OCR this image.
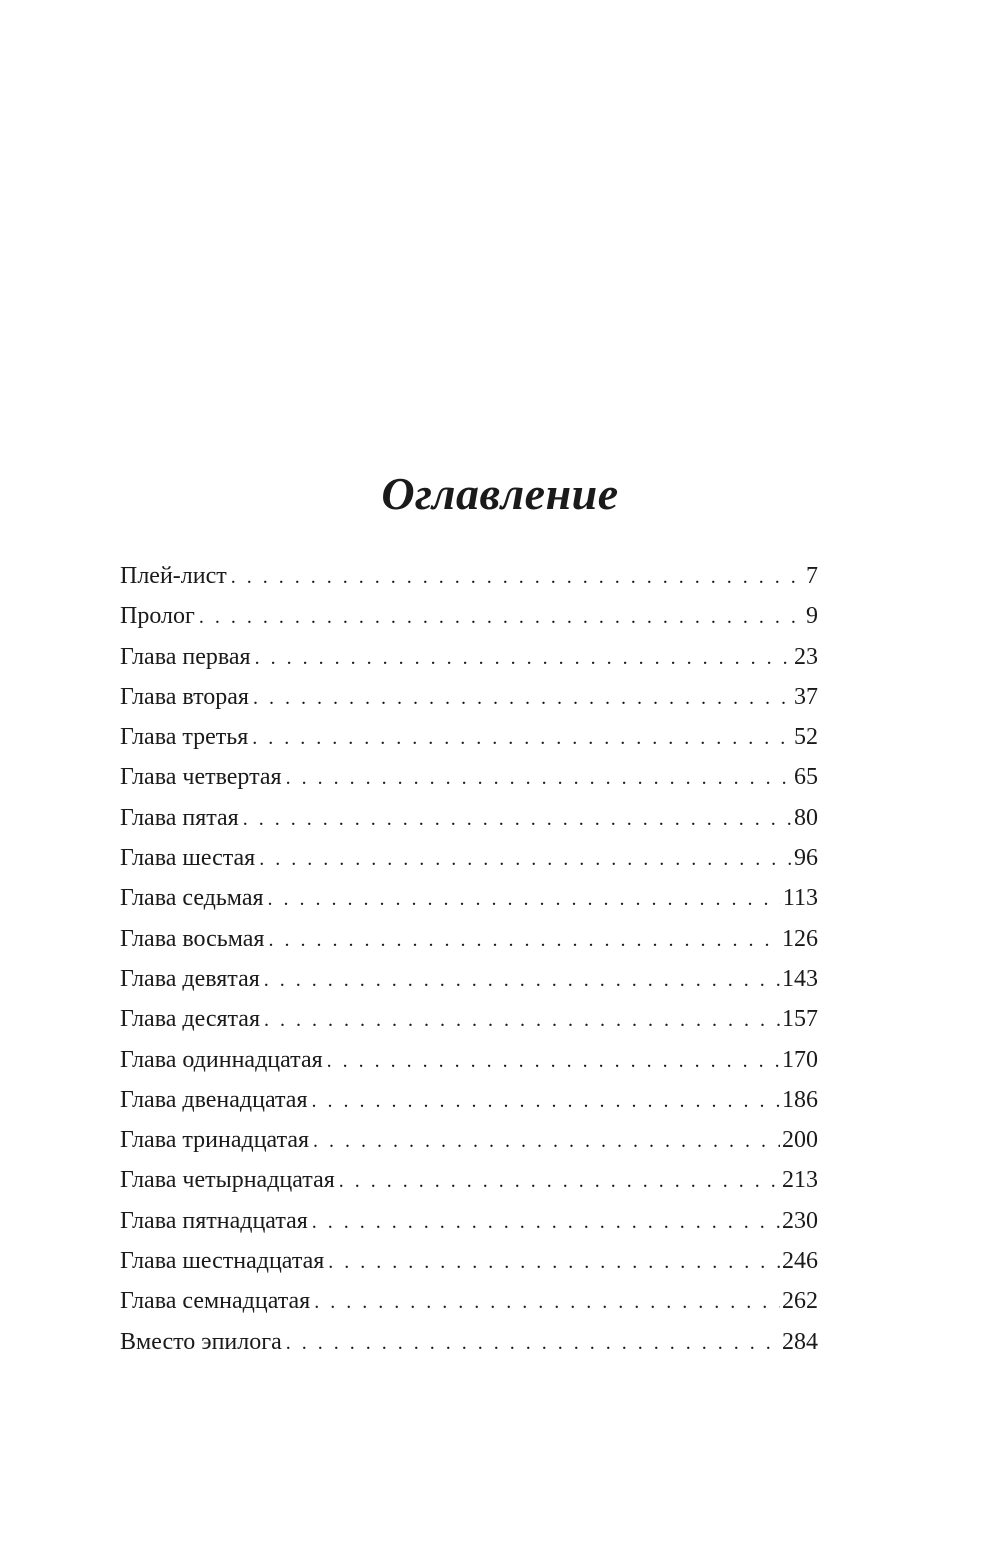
Оглавление
Плей-лист . . .	7
Пролог . . .	9
Глава первая . . .	23
Глава вторая . . .	37
Глава третья . . .	52
Глава четвертая . . .	65
Глава пятая . . .	80
Глава шестая . . .	96
Глава седьмая . . .	113
Глава восьмая . . .	126
Глава девятая . . .	143
Глава десятая . . .	157
Глава одиннадцатая . . .	170
Глава двенадцатая . . .	186
Глава тринадцатая . . .	200
Глава четырнадцатая . . .	213
Глава пятнадцатая . . .	230
Глава шестнадцатая . . .	246
Глава семнадцатая . . .	262
Вместо эпилога . . .	284
